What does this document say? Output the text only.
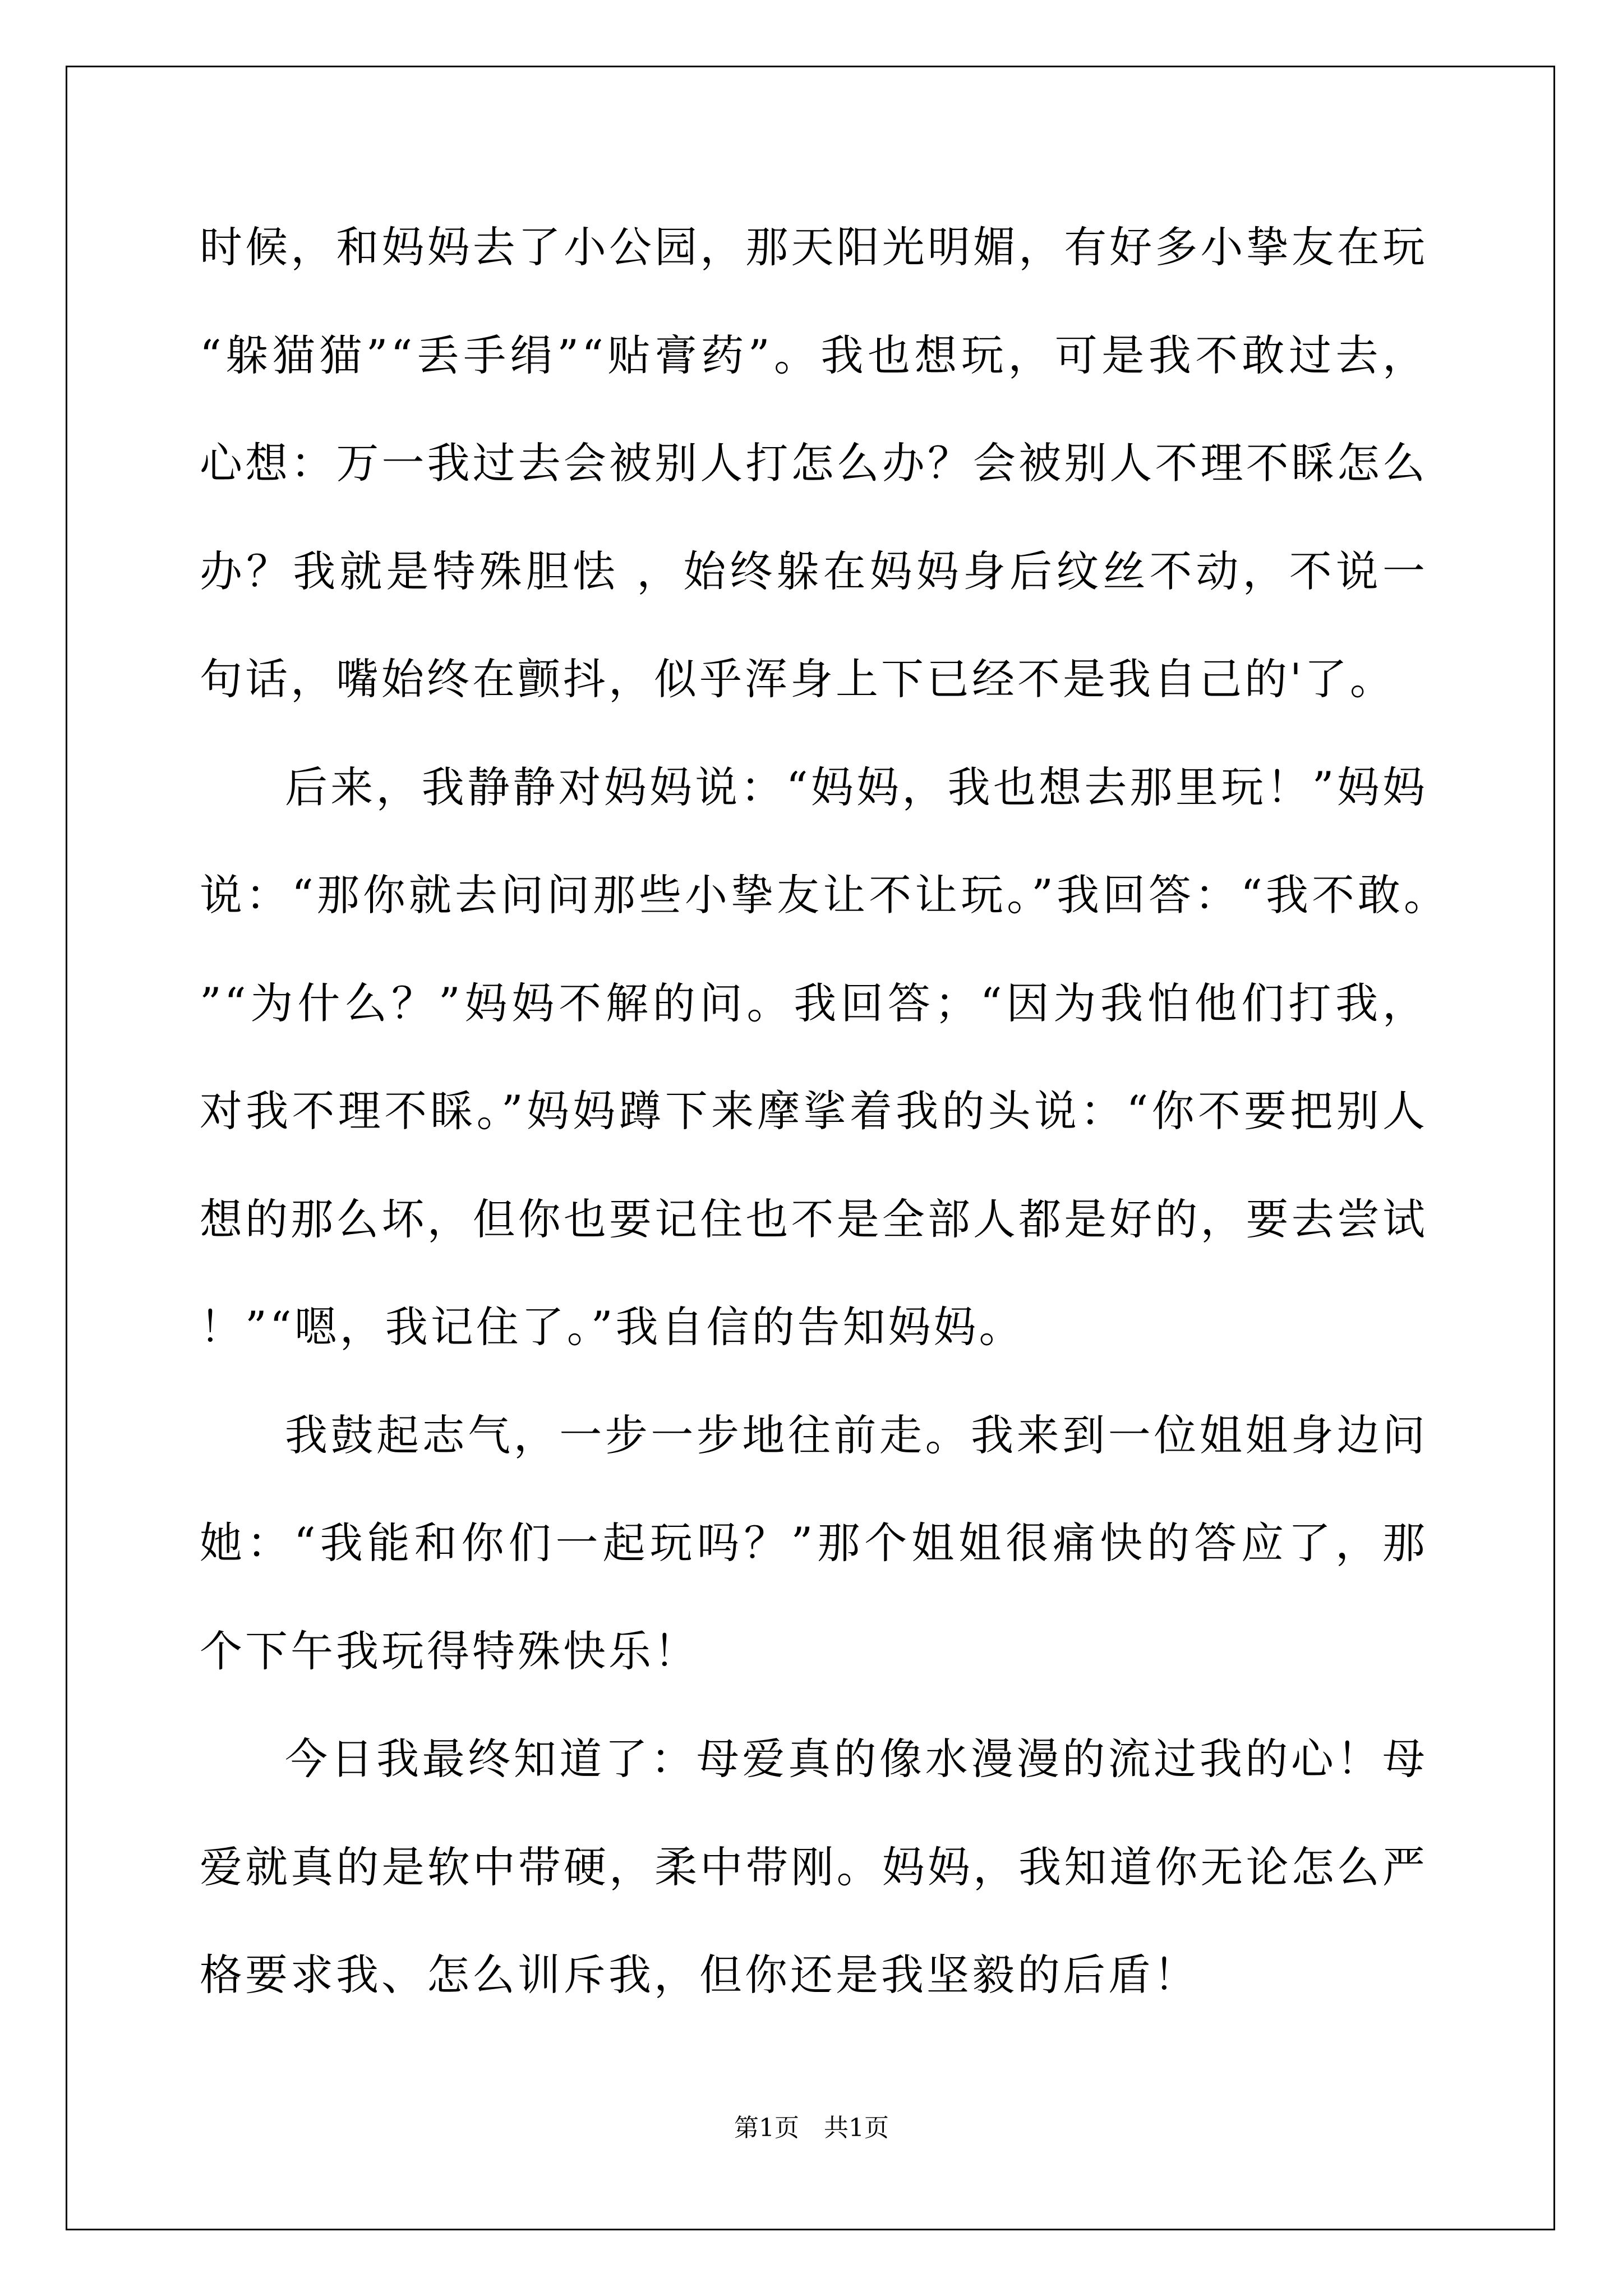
时候，和妈妈去了小公园，那天阳光明媚，有好多小挚友在玩“躲猫猫”“丢手绢”“贴膏药”。我也想玩，可是我不敢过去，心想：万一我过去会被别人打怎么办？会被别人不理不睬怎么办？我就是特殊胆怯 ，始终躲在妈妈身后纹丝不动，不说一句话，嘴始终在颤抖，似乎浑身上下已经不是我自己的'了。

后来，我静静对妈妈说：“妈妈，我也想去那里玩！”妈妈说：“那你就去问问那些小挚友让不让玩。”我回答：“我不敢。”“为什么？”妈妈不解的问。我回答；“因为我怕他们打我，对我不理不睬。”妈妈蹲下来摩挲着我的头说：“你不要把别人想的那么坏，但你也要记住也不是全部人都是好的，要去尝试！”“嗯，我记住了。”我自信的告知妈妈。

我鼓起志气，一步一步地往前走。我来到一位姐姐身边问她：“我能和你们一起玩吗？”那个姐姐很痛快的答应了，那个下午我玩得特殊快乐！

今日我最终知道了：母爱真的像水漫漫的流过我的心！母爱就真的是软中带硬，柔中带刚。妈妈，我知道你无论怎么严格要求我、怎么训斥我，但你还是我坚毅的后盾！

第1页　共1页
